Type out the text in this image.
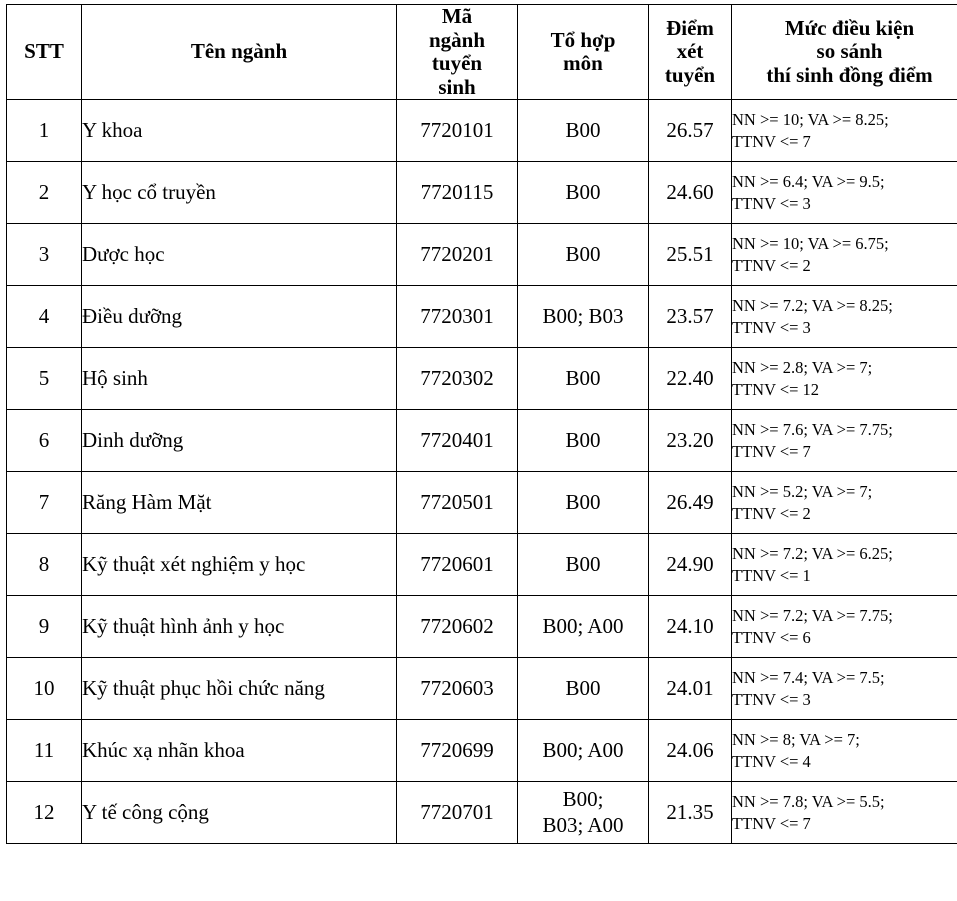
STT	Tên ngành	Mã
ngành
tuyển
sinh	Tổ hợp
môn	Điểm
xét
tuyển	Mức điều kiện
so sánh
thí sinh đồng điểm

1	Y khoa	7720101	B00	26.57	NN >= 10; VA >= 8.25;
TTNV <= 7

2	Y học cổ truyền	7720115	B00	24.60	NN >= 6.4; VA >= 9.5;
TTNV <= 3

3	Dược học	7720201	B00	25.51	NN >= 10; VA >= 6.75;
TTNV <= 2

4	Điều dưỡng	7720301	B00; B03	23.57	NN >= 7.2; VA >= 8.25;
TTNV <= 3

5	Hộ sinh	7720302	B00	22.40	NN >= 2.8; VA >= 7;
TTNV <= 12

6	Dinh dưỡng	7720401	B00	23.20	NN >= 7.6; VA >= 7.75;
TTNV <= 7

7	Răng Hàm Mặt	7720501	B00	26.49	NN >= 5.2; VA >= 7;
TTNV <= 2

8	Kỹ thuật xét nghiệm y học	7720601	B00	24.90	NN >= 7.2; VA >= 6.25;
TTNV <= 1

9	Kỹ thuật hình ảnh y học	7720602	B00; A00	24.10	NN >= 7.2; VA >= 7.75;
TTNV <= 6

10	Kỹ thuật phục hồi chức năng	7720603	B00	24.01	NN >= 7.4; VA >= 7.5;
TTNV <= 3

11	Khúc xạ nhãn khoa	7720699	B00; A00	24.06	NN >= 8; VA >= 7;
TTNV <= 4

12	Y tế công cộng	7720701	B00;
B03; A00	21.35	NN >= 7.8; VA >= 5.5;
TTNV <= 7
